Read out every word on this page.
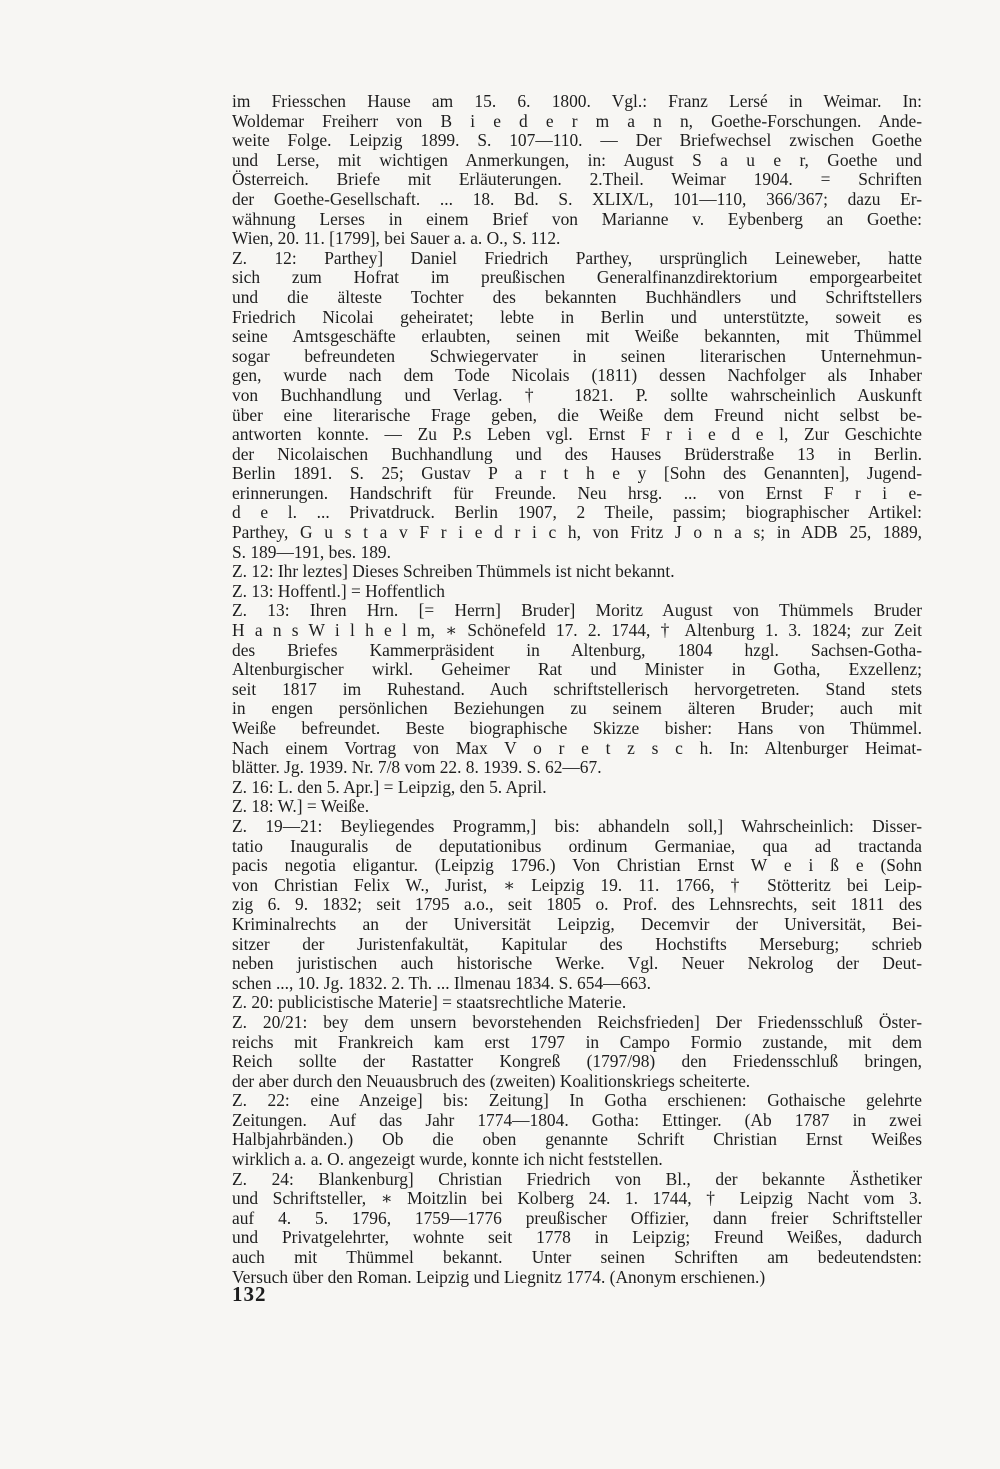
im Friesschen Hause am 15. 6. 1800. Vgl.: Franz Lersé in Weimar. In:
Woldemar Freiherr von B i e d e r m a n n, Goethe-Forschungen. Ande-
weite Folge. Leipzig 1899. S. 107—110. — Der Briefwechsel zwischen Goethe
und Lerse, mit wichtigen Anmerkungen, in: August S a u e r, Goethe und
Österreich. Briefe mit Erläuterungen. 2.Theil. Weimar 1904. = Schriften
der Goethe-Gesellschaft. ... 18. Bd. S. XLIX/L, 101—110, 366/367; dazu Er-
wähnung Lerses in einem Brief von Marianne v. Eybenberg an Goethe:
Wien, 20. 11. [1799], bei Sauer a. a. O., S. 112.
Z. 12: Parthey] Daniel Friedrich Parthey, ursprünglich Leineweber, hatte
sich zum Hofrat im preußischen Generalfinanzdirektorium emporgearbeitet
und die älteste Tochter des bekannten Buchhändlers und Schriftstellers
Friedrich Nicolai geheiratet; lebte in Berlin und unterstützte, soweit es
seine Amtsgeschäfte erlaubten, seinen mit Weiße bekannten, mit Thümmel
sogar befreundeten Schwiegervater in seinen literarischen Unternehmun-
gen, wurde nach dem Tode Nicolais (1811) dessen Nachfolger als Inhaber
von Buchhandlung und Verlag. † 1821. P. sollte wahrscheinlich Auskunft
über eine literarische Frage geben, die Weiße dem Freund nicht selbst be-
antworten konnte. — Zu P.s Leben vgl. Ernst F r i e d e l, Zur Geschichte
der Nicolaischen Buchhandlung und des Hauses Brüderstraße 13 in Berlin.
Berlin 1891. S. 25; Gustav P a r t h e y [Sohn des Genannten], Jugend-
erinnerungen. Handschrift für Freunde. Neu hrsg. ... von Ernst F r i e-
d e l. ... Privatdruck. Berlin 1907, 2 Theile, passim; biographischer Artikel:
Parthey, G u s t a v F r i e d r i c h, von Fritz J o n a s; in ADB 25, 1889,
S. 189—191, bes. 189.
Z. 12: Ihr leztes] Dieses Schreiben Thümmels ist nicht bekannt.
Z. 13: Hoffentl.] = Hoffentlich
Z. 13: Ihren Hrn. [= Herrn] Bruder] Moritz August von Thümmels Bruder
H a n s W i l h e l m, ∗ Schönefeld 17. 2. 1744, † Altenburg 1. 3. 1824; zur Zeit
des Briefes Kammerpräsident in Altenburg, 1804 hzgl. Sachsen-Gotha-
Altenburgischer wirkl. Geheimer Rat und Minister in Gotha, Exzellenz;
seit 1817 im Ruhestand. Auch schriftstellerisch hervorgetreten. Stand stets
in engen persönlichen Beziehungen zu seinem älteren Bruder; auch mit
Weiße befreundet. Beste biographische Skizze bisher: Hans von Thümmel.
Nach einem Vortrag von Max V o r e t z s c h. In: Altenburger Heimat-
blätter. Jg. 1939. Nr. 7/8 vom 22. 8. 1939. S. 62—67.
Z. 16: L. den 5. Apr.] = Leipzig, den 5. April.
Z. 18: W.] = Weiße.
Z. 19—21: Beyliegendes Programm,] bis: abhandeln soll,] Wahrscheinlich: Disser-
tatio Inauguralis de deputationibus ordinum Germaniae, qua ad tractanda
pacis negotia eligantur. (Leipzig 1796.) Von Christian Ernst W e i ß e (Sohn
von Christian Felix W., Jurist, ∗ Leipzig 19. 11. 1766, † Stötteritz bei Leip-
zig 6. 9. 1832; seit 1795 a.o., seit 1805 o. Prof. des Lehnsrechts, seit 1811 des
Kriminalrechts an der Universität Leipzig, Decemvir der Universität, Bei-
sitzer der Juristenfakultät, Kapitular des Hochstifts Merseburg; schrieb
neben juristischen auch historische Werke. Vgl. Neuer Nekrolog der Deut-
schen ..., 10. Jg. 1832. 2. Th. ... Ilmenau 1834. S. 654—663.
Z. 20: publicistische Materie] = staatsrechtliche Materie.
Z. 20/21: bey dem unsern bevorstehenden Reichsfrieden] Der Friedensschluß Öster-
reichs mit Frankreich kam erst 1797 in Campo Formio zustande, mit dem
Reich sollte der Rastatter Kongreß (1797/98) den Friedensschluß bringen,
der aber durch den Neuausbruch des (zweiten) Koalitionskriegs scheiterte.
Z. 22: eine Anzeige] bis: Zeitung] In Gotha erschienen: Gothaische gelehrte
Zeitungen. Auf das Jahr 1774—1804. Gotha: Ettinger. (Ab 1787 in zwei
Halbjahrbänden.) Ob die oben genannte Schrift Christian Ernst Weißes
wirklich a. a. O. angezeigt wurde, konnte ich nicht feststellen.
Z. 24: Blankenburg] Christian Friedrich von Bl., der bekannte Ästhetiker
und Schriftsteller, ∗ Moitzlin bei Kolberg 24. 1. 1744, † Leipzig Nacht vom 3.
auf 4. 5. 1796, 1759—1776 preußischer Offizier, dann freier Schriftsteller
und Privatgelehrter, wohnte seit 1778 in Leipzig; Freund Weißes, dadurch
auch mit Thümmel bekannt. Unter seinen Schriften am bedeutendsten:
Versuch über den Roman. Leipzig und Liegnitz 1774. (Anonym erschienen.)
132
